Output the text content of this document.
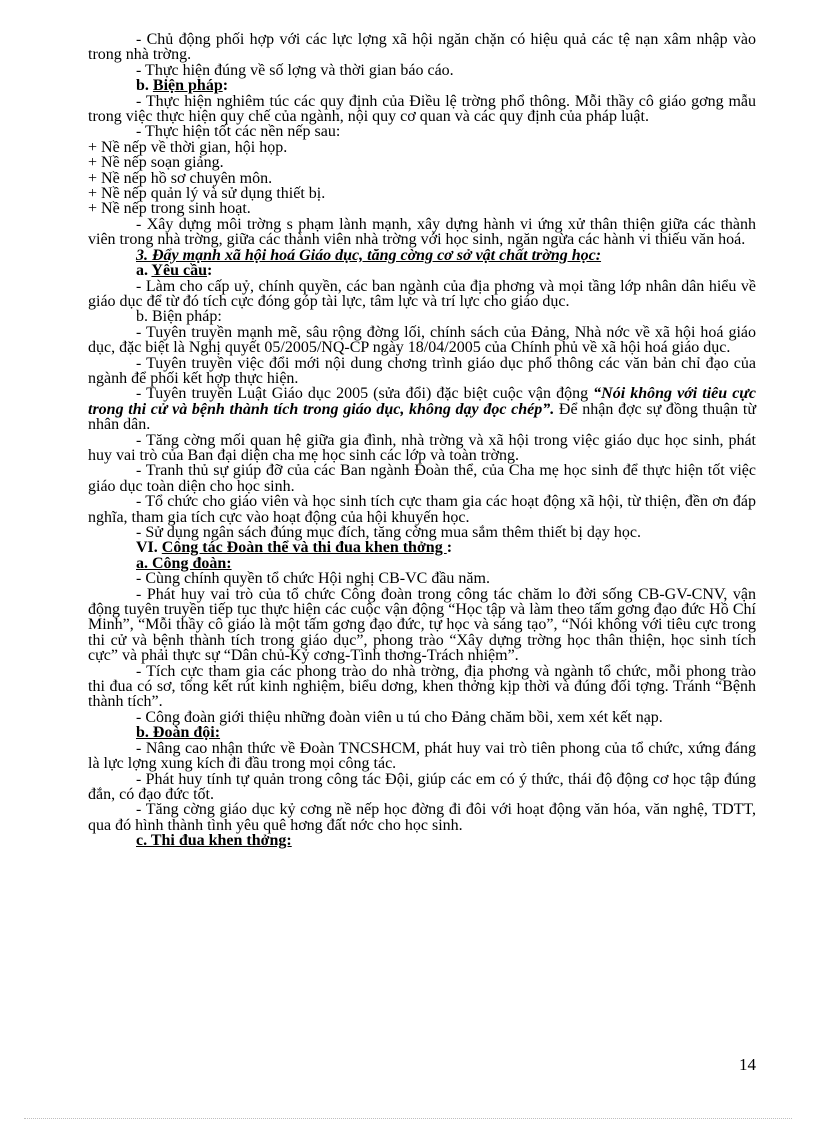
- Chủ động phối hợp với các lực lợng xã hội ngăn chặn có hiệu quả các tệ nạn xâm nhập vào trong nhà trờng.

- Thực hiện đúng về số lợng và thời gian báo cáo.

b. Biện pháp:

- Thực hiện nghiêm túc các quy định của Điều lệ trờng phổ thông. Mỗi thầy cô giáo gơng mẫu trong việc thực hiện quy chế của ngành, nội quy cơ quan và các quy định của pháp luật.

- Thực hiện tốt các nền nếp sau:

+ Nề nếp về thời gian, hội họp.

+ Nề nếp soạn giảng.

+ Nề nếp hồ sơ chuyên môn.

+ Nề nếp quản lý và sử dụng thiết bị.

+ Nề nếp trong sinh hoạt.

- Xây dựng môi trờng s phạm lành mạnh, xây dựng hành vi ứng xử thân thiện giữa các thành viên trong nhà trờng, giữa các thành viên nhà trờng với học sinh, ngăn ngừa các hành vi thiếu văn hoá.

3. Đẩy mạnh xã hội hoá Giáo dục, tăng cờng cơ sở vật chất trờng học:

a. Yêu cầu:

- Làm cho cấp uỷ, chính quyền, các ban ngành của địa phơng và mọi tầng lớp nhân dân hiểu về giáo dục để từ đó tích cực đóng góp tài lực, tâm lực và trí lực cho giáo dục.

b. Biện pháp:

- Tuyên truyền mạnh mẽ, sâu rộng đờng lối, chính sách của Đảng, Nhà nớc về xã hội hoá giáo dục, đặc biệt là Nghị quyết 05/2005/NQ-CP ngày 18/04/2005 của Chính phủ về xã hội hoá giáo dục.

- Tuyên truyền việc đổi mới nội dung chơng trình giáo dục phổ thông các văn bản chỉ đạo của ngành để phối kết hợp thực hiện.

- Tuyên truyền Luật Giáo dục 2005 (sửa đổi) đặc biệt cuộc vận động “Nói không với tiêu cực trong thi cử và bệnh thành tích trong giáo dục, không dạy đọc chép”. Để nhận đợc sự đồng thuận từ nhân dân.

- Tăng cờng mối quan hệ giữa gia đình, nhà trờng và xã hội trong việc giáo dục học sinh, phát huy vai trò của Ban đại diện cha mẹ học sinh các lớp và toàn trờng.

- Tranh thủ sự giúp đỡ của các Ban ngành Đoàn thể, của Cha mẹ học sinh để thực hiện tốt việc giáo dục toàn diện cho học sinh.

- Tổ chức cho giáo viên và học sinh tích cực tham gia các hoạt động xã hội, từ thiện, đền ơn đáp nghĩa, tham gia tích cực vào hoạt động của hội khuyến học.

- Sử dụng ngân sách đúng mục đích, tăng cờng mua sắm thêm thiết bị dạy học.

VI. Công tác Đoàn thể và thi đua khen thởng :

a. Công đoàn:

- Cùng chính quyền tổ chức Hội nghị CB-VC đầu năm.

- Phát huy vai trò của tổ chức Công đoàn trong công tác chăm lo đời sống CB-GV-CNV, vận động tuyên truyền tiếp tục thực hiện các cuộc vận động “Học tập và làm theo tấm gơng đạo đức Hồ Chí Minh”, “Mỗi thầy cô giáo là một tấm gơng đạo đức, tự học và sáng tạo”, “Nói không với tiêu cực trong thi cử và bệnh thành tích trong giáo dục”, phong trào “Xây dựng trờng học thân thiện, học sinh tích cực” và phải thực sự “Dân chủ-Kỷ cơng-Tình thơng-Trách nhiệm”.

- Tích cực tham gia các phong trào do nhà trờng, địa phơng và ngành tổ chức, mỗi phong trào thi đua có sơ, tổng kết rút kinh nghiệm, biểu dơng, khen thởng kịp thời và đúng đối tợng. Tránh “Bệnh thành tích”.

- Công đoàn giới thiệu những đoàn viên u tú cho Đảng chăm bồi, xem xét kết nạp.

b. Đoàn đội:

- Nâng cao nhận thức về Đoàn TNCSHCM, phát huy vai trò tiên phong của tổ chức, xứng đáng là lực lợng xung kích đi đầu trong mọi công tác.

- Phát huy tính tự quản trong công tác Đội, giúp các em có ý thức, thái độ động cơ học tập đúng đắn, có đạo đức tốt.

- Tăng cờng giáo dục kỷ cơng nề nếp học đờng đi đôi với hoạt động văn hóa, văn nghệ, TDTT, qua đó hình thành tình yêu quê hơng đất nớc cho học sinh.

c. Thi đua khen thởng:

14
